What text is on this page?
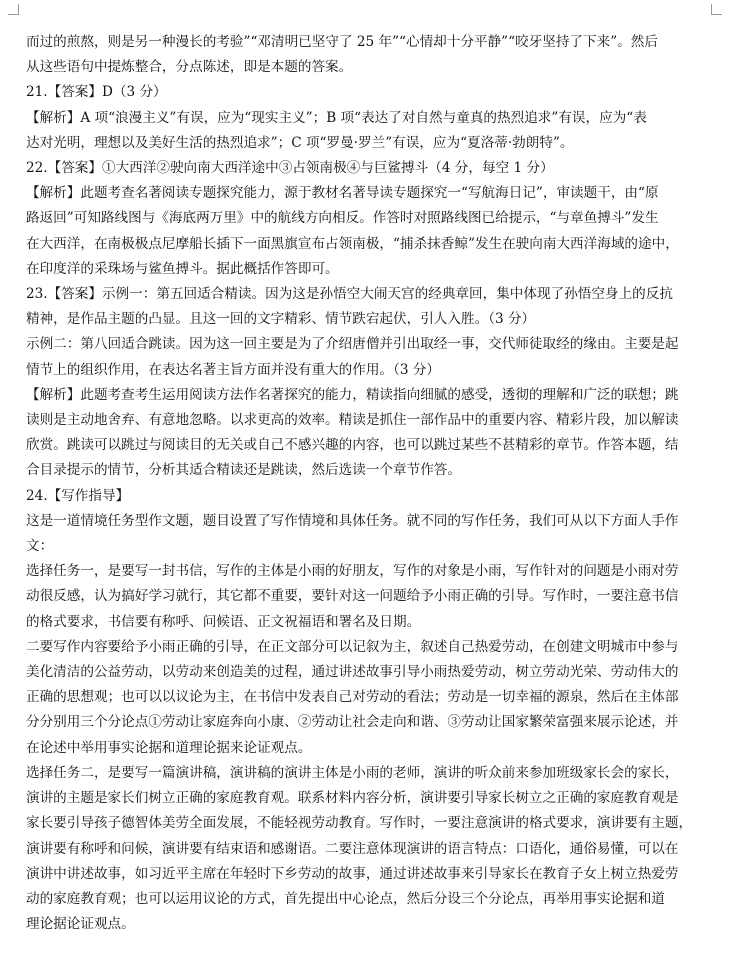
而过的煎熬，则是另一种漫长的考验”“邓清明已坚守了 25 年”“心情却十分平静”“咬牙坚持了下来”。然后
从这些语句中提炼整合，分点陈述，即是本题的答案。
21.【答案】D（3 分）
【解析】A 项“浪漫主义”有误，应为“现实主义”；B 项“表达了对自然与童真的热烈追求”有误，应为“表
达对光明，理想以及美好生活的热烈追求”；C 项“罗曼·罗兰”有误，应为“夏洛蒂·勃朗特”。
22.【答案】①大西洋②驶向南大西洋途中③占领南极④与巨鲨搏斗（4 分，每空 1 分）
【解析】此题考查名著阅读专题探究能力，源于教材名著导读专题探究一“写航海日记”，审读题干，由“原
路返回”可知路线图与《海底两万里》中的航线方向相反。作答时对照路线图已给提示，“与章鱼搏斗”发生
在大西洋，在南极极点尼摩船长插下一面黑旗宣布占领南极，“捕杀抹香鲸”发生在驶向南大西洋海域的途中，
在印度洋的采珠场与鲨鱼搏斗。据此概括作答即可。
23.【答案】示例一：第五回适合精读。因为这是孙悟空大闹天宫的经典章回，集中体现了孙悟空身上的反抗
精神，是作品主题的凸显。且这一回的文字精彩、情节跌宕起伏，引人入胜。（3 分）
示例二：第八回适合跳读。因为这一回主要是为了介绍唐僧并引出取经一事，交代师徒取经的缘由。主要是起
情节上的组织作用，在表达名著主旨方面并没有重大的作用。（3 分）
【解析】此题考查考生运用阅读方法作名著探究的能力，精读指向细腻的感受，透彻的理解和广泛的联想；跳
读则是主动地舍弃、有意地忽略。以求更高的效率。精读是抓住一部作品中的重要内容、精彩片段，加以解读
欣赏。跳读可以跳过与阅读目的无关或自己不感兴趣的内容，也可以跳过某些不甚精彩的章节。作答本题，结
合目录提示的情节，分析其适合精读还是跳读，然后选读一个章节作答。
24.【写作指导】
这是一道情境任务型作文题，题目设置了写作情境和具体任务。就不同的写作任务，我们可从以下方面人手作
文：
选择任务一，是要写一封书信，写作的主体是小雨的好朋友，写作的对象是小雨，写作针对的问题是小雨对劳
动很反感，认为搞好学习就行，其它都不重要，要针对这一问题给予小雨正确的引导。写作时，一要注意书信
的格式要求，书信要有称呼、问候语、正文祝福语和署名及日期。
二要写作内容要给予小雨正确的引导，在正文部分可以记叙为主，叙述自己热爱劳动，在创建文明城市中参与
美化清洁的公益劳动，以劳动来创造美的过程，通过讲述故事引导小雨热爱劳动，树立劳动光荣、劳动伟大的
正确的思想观；也可以以议论为主，在书信中发表自己对劳动的看法；劳动是一切幸福的源泉，然后在主体部
分分别用三个分论点①劳动让家庭奔向小康、②劳动让社会走向和谐、③劳动让国家繁荣富强来展示论述，并
在论述中举用事实论据和道理论据来论证观点。
选择任务二，是要写一篇演讲稿，演讲稿的演讲主体是小雨的老师，演讲的听众前来参加班级家长会的家长，
演讲的主题是家长们树立正确的家庭教育观。联系材料内容分析，演讲要引导家长树立之正确的家庭教育观是
家长要引导孩子德智体美劳全面发展，不能轻视劳动教育。写作时，一要注意演讲的格式要求，演讲要有主题，
演讲要有称呼和问候，演讲要有结束语和感谢语。二要注意体现演讲的语言特点：口语化，通俗易懂，可以在
演讲中讲述故事，如习近平主席在年轻时下乡劳动的故事，通过讲述故事来引导家长在教育子女上树立热爱劳
动的家庭教育观；也可以运用议论的方式，首先提出中心论点，然后分设三个分论点，再举用事实论据和道
理论据论证观点。
